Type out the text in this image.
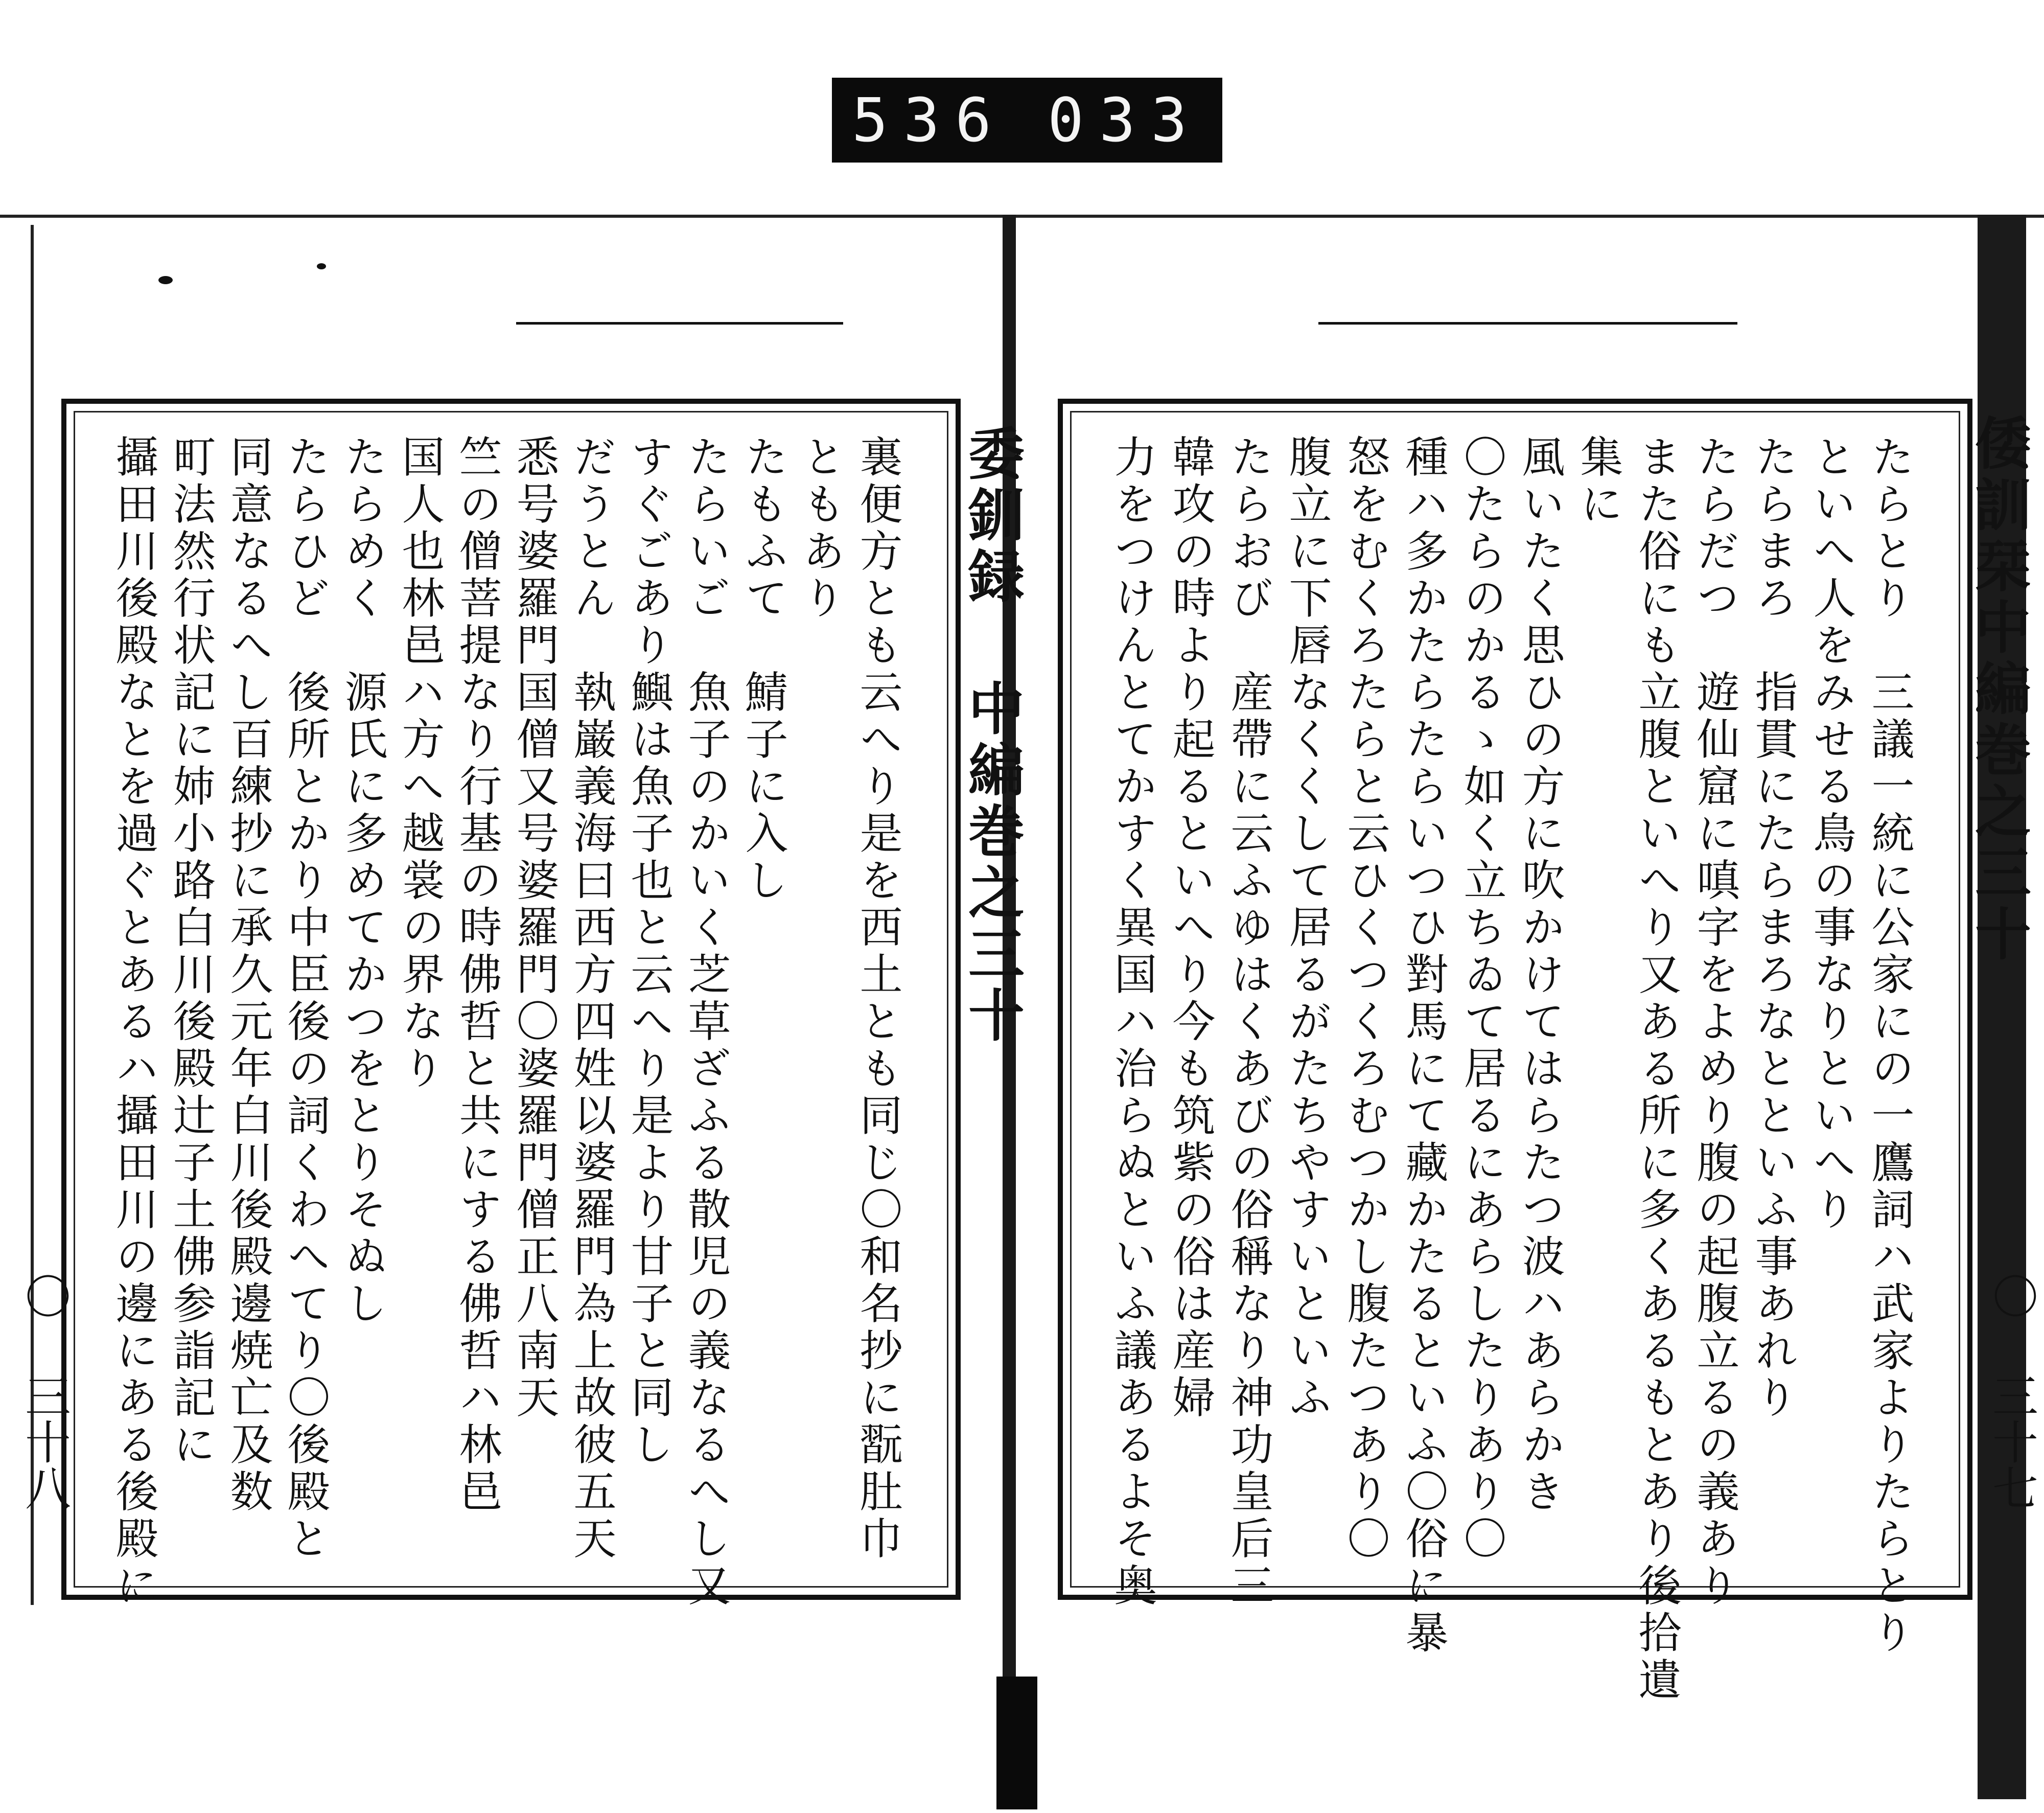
536 033
委釧録 中編巻之三十
〇 三十八	裏便方とも云へり是を西土とも同じ〇和名抄に翫肚巾
ともあり
たもふて　鯖子に入し
たらいご　魚子のかいく芝草ざふる散児の義なるへし又
すぐごあり鱮は魚子也と云へり是より甘子と同し
だうとん　執巌義海曰西方四姓以婆羅門為上故彼五天
悉号婆羅門国僧又号婆羅門〇婆羅門僧正八南天
竺の僧菩提なり行基の時佛哲と共にする佛哲ハ林邑
国人也林邑ハ方へ越裳の界なり
たらめく　源氏に多めてかつをとりそぬし
たらひど　後所とかり中臣後の詞くわへてり〇後殿と
同意なるへし百練抄に承久元年白川後殿邊焼亡及数
町法然行状記に姉小路白川後殿辻子土佛参詣記に
攝田川後殿なとを過ぐとあるハ攝田川の邊にある後殿に	倭訓栞中編巻之三十
〇 三十七
たらとり　三議一統に公家にの一鷹詞ハ武家よりたらとり
といへ人をみせる鳥の事なりといへり
たらまろ　指貫にたらまろなとといふ事あれり
たらだつ　遊仙窟に嗔字をよめり腹の起腹立るの義あり
また俗にも立腹といへり又ある所に多くあるもとあり後拾遺
集に
風いたく思ひの方に吹かけてはらたつ波ハあらかき
〇たらのかるゝ如く立ちゐて居るにあらしたりあり〇
種ハ多かたらたらいつひ對馬にて藏かたるといふ〇俗に暴
怒をむくろたらと云ひくつくろむつかし腹たつあり〇
腹立に下唇なくくして居るがたちやすいといふ
たらおび　産帶に云ふゆはくあびの俗稱なり神功皇后三
韓攻の時より起るといへり今も筑紫の俗は産婦
力をつけんとてかすく異国ハ治らぬといふ議あるよそ奥
